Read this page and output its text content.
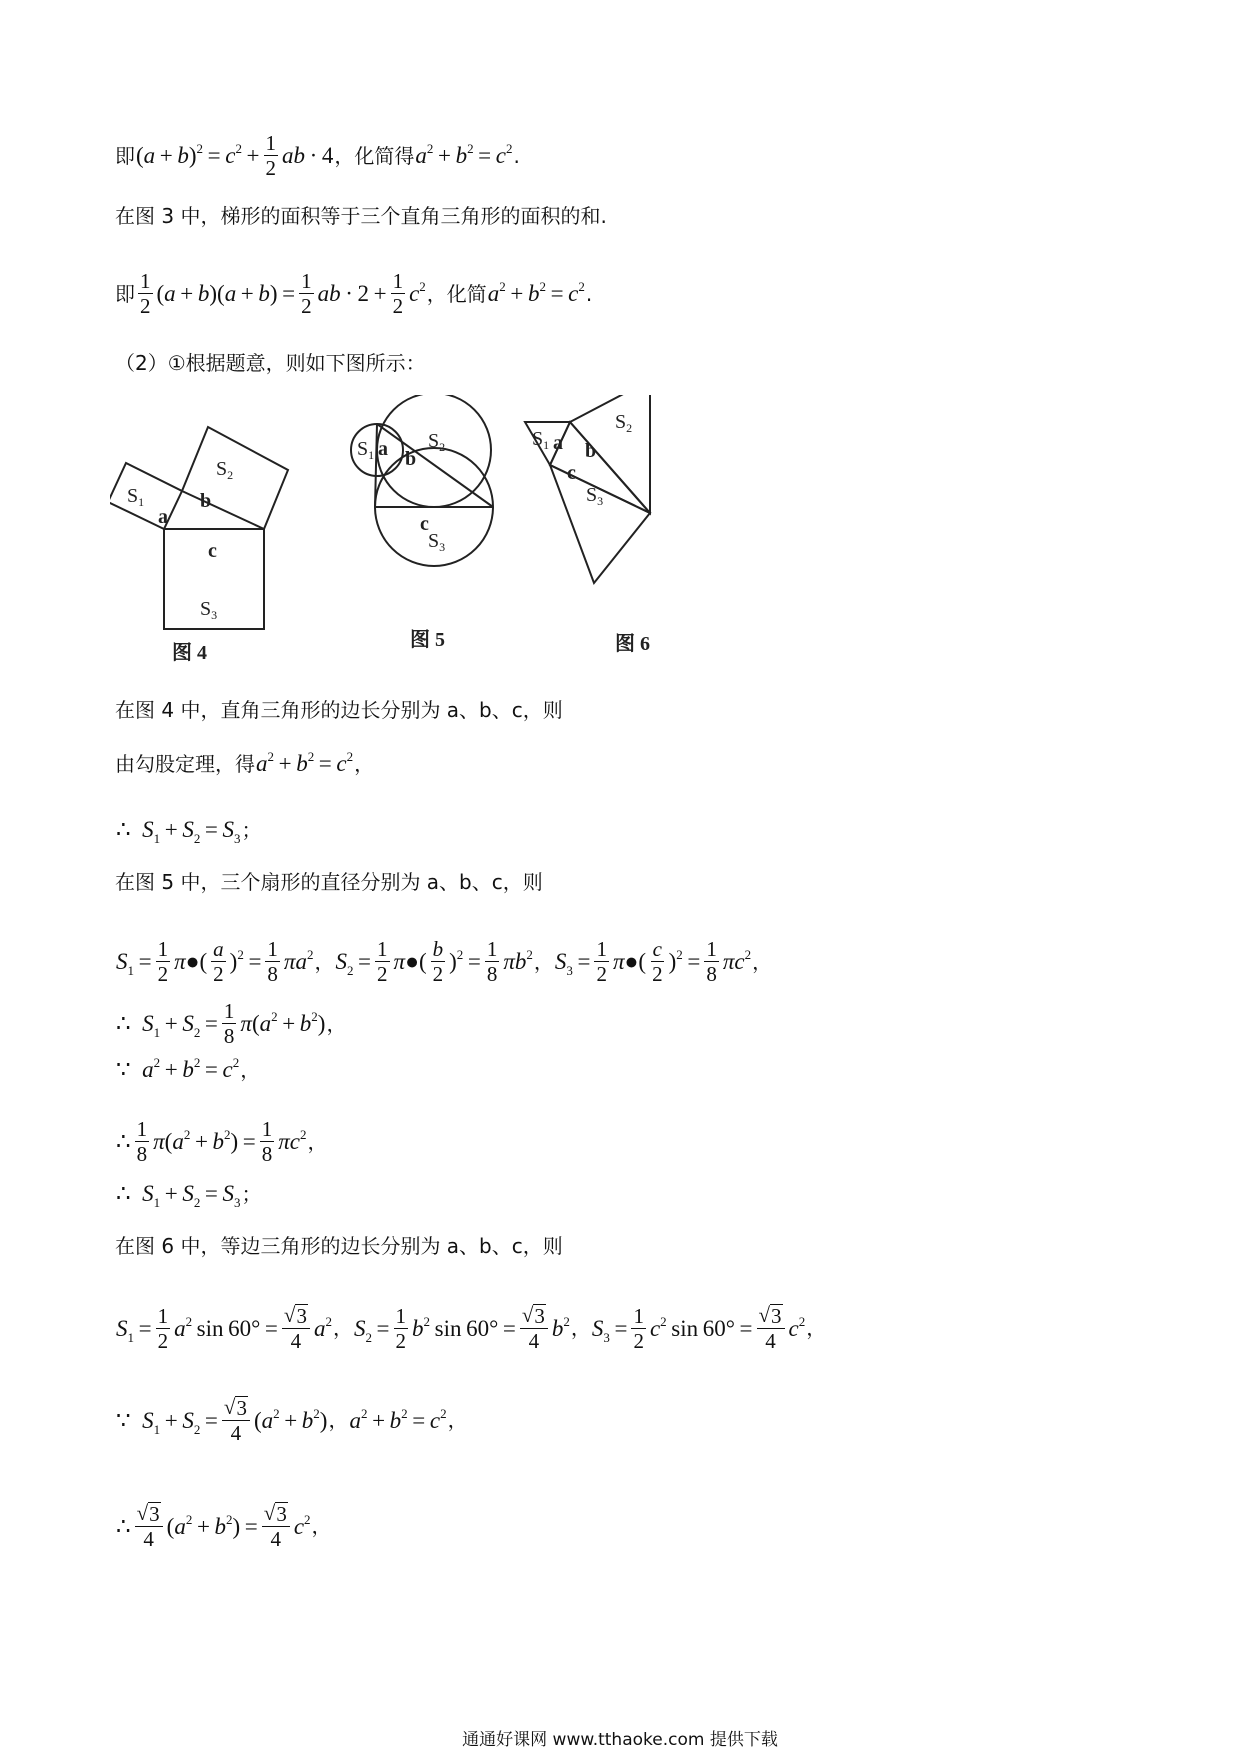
即 $(a + b)^2 = c^2 + \frac{1}{2}$ ab · 4 ，化简得 $a^2 + b^2 = c^2$ .
在图 3 中，梯形的面积等于三个直角三角形的面积的和.
即 $\frac{1}{2} (a + b)(a + b) = \frac{1}{2}$ ab · $2 + \frac{1}{2} c^2$ ，化简 $a^2 + b^2 = c^2$ .
（2）①根据题意，则如下图所示：
$S_1$
$S_2$
$S_3$
a
b
c
$S_1$ a $S_2$
b
c
$S_3$
$S_1$ a
$S_2$
b
c
$S_3$
图 4
图 5	图 6
在图 4 中，直角三角形的边长分别为 a、b、c，则
由勾股定理，得 $a^2 + b^2 = c^2$ ，
∴ $S_1 + S_2 = S_3$ ；
在图 5 中，三个扇形的直径分别为 a、b、c，则
$S_1 = \frac{1}{2}$ π●( $\frac{a}{2} )^2 = \frac{1}{8} \pi a^2$ ， $S_2 = \frac{1}{2}$ π●( $\frac{b}{2} )^2 = \frac{1}{8} \pi b^2$ ， $S_3 = \frac{1}{2}$ π●( $\frac{c}{2} )^2 = \frac{1}{8} \pi c^2$ ，
∴ $S_1 + S_2 = \frac{1}{8} \pi(a^2 + b^2)$ ，
∵ $a^2 + b^2 = c^2$ ，
∴ $\frac{1}{8} \pi(a^2 + b^2) = \frac{1}{8} \pi c^2$ ，
∴ $S_1 + S_2 = S_3$ ；
在图 6 中，等边三角形的边长分别为 a、b、c，则
$S_1 = \frac{1}{2} a^2$ $\sin 60^\circ = \frac{√ 3}{4} a^2$ ， $S_2 = \frac{1}{2} b^2$ $\sin 60^\circ = \frac{√ 3}{4} b^2$ ， $S_3 = \frac{1}{2} c^2$ $\sin 60^\circ = \frac{√ 3}{4} c^2$ ，
∵ $S_1 + S_2 = \frac{√ 3}{4} (a^2 + b^2)$ ， $a^2 + b^2 = c^2$ ，
∴ $\frac{√ 3}{4} (a^2 + b^2) = \frac{√ 3}{4} c^2$ ，
通通好课网 www.tthaoke.com 提供下载
